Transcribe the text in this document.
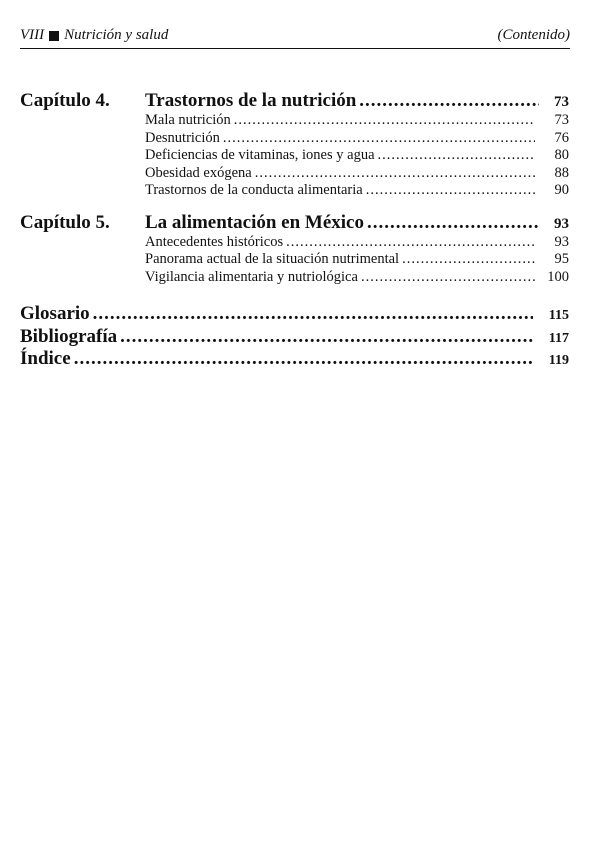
VIII Nutrición y salud	(Contenido)
Capítulo 4. Trastornos de la nutrición .....	73
Mala nutrición .....	73
Desnutrición .....	76
Deficiencias de vitaminas, iones y agua .....	80
Obesidad exógena .....	88
Trastornos de la conducta alimentaria .....	90
Capítulo 5. La alimentación en México .....	93
Antecedentes históricos .....	93
Panorama actual de la situación nutrimental .....	95
Vigilancia alimentaria y nutriológica .....	100
Glosario .....	115
Bibliografía .....	117
Índice .....	119
